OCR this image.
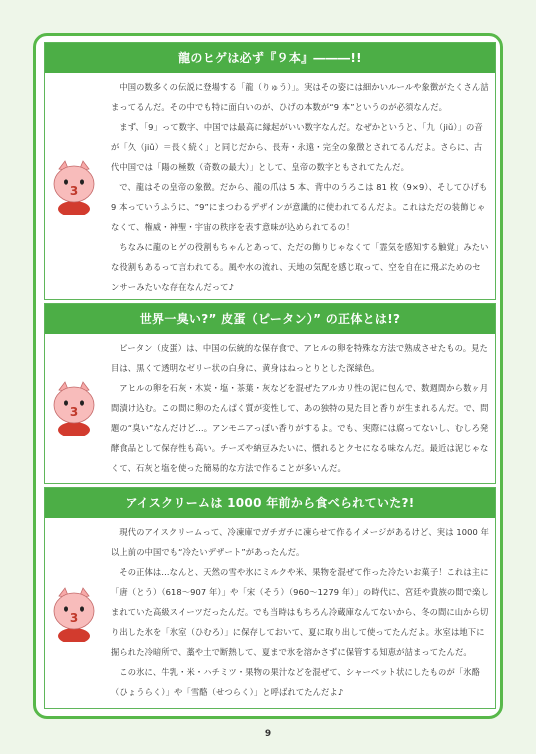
龍のヒゲは必ず『９本』―――!!
3

中国の数多くの伝説に登場する「龍（りゅう）」。実はその姿には細かいルールや象徴がたくさん詰まってるんだ。その中でも特に面白いのが、ひげの本数が“9 本”というのが必須なんだ。

まず、「9」って数字、中国では最高に縁起がいい数字なんだ。なぜかというと、「九（jiǔ）」の音が「久（jiǔ）＝長く続く」と同じだから、長寿・永遠・完全の象徴とされてるんだよ。さらに、古代中国では「陽の極数（奇数の最大）」として、皇帝の数字ともされてたんだ。

で、龍はその皇帝の象徴。だから、龍の爪は 5 本、背中のうろこは 81 枚（9×9）、そしてひげも 9 本っていうふうに、“9”にまつわるデザインが意識的に使われてるんだよ。これはただの装飾じゃなくて、権威・神聖・宇宙の秩序を表す意味が込められてるの！

ちなみに龍のヒゲの役割もちゃんとあって、ただの飾りじゃなくて「霊気を感知する触覚」みたいな役割もあるって言われてる。風や水の流れ、天地の気配を感じ取って、空を自在に飛ぶためのセンサーみたいな存在なんだって♪

世界一臭い?” 皮蛋（ピータン）” の正体とは!?
3

ピータン（皮蛋）は、中国の伝統的な保存食で、アヒルの卵を特殊な方法で熟成させたもの。見た目は、黒くて透明なゼリー状の白身に、黄身はねっとりとした深緑色。

アヒルの卵を石灰・木炭・塩・茶葉・灰などを混ぜたアルカリ性の泥に包んで、数週間から数ヶ月間漬け込む。この間に卵のたんぱく質が変性して、あの独特の見た目と香りが生まれるんだ。で、問題の“臭い”なんだけど…。アンモニアっぽい香りがするよ。でも、実際には腐ってないし、むしろ発酵食品として保存性も高い。チーズや納豆みたいに、慣れるとクセになる味なんだ。最近は泥じゃなくて、石灰と塩を使った簡易的な方法で作ることが多いんだ。

アイスクリームは 1000 年前から食べられていた?!
3

現代のアイスクリームって、冷凍庫でガチガチに凍らせて作るイメージがあるけど、実は 1000 年以上前の中国でも“冷たいデザート”があったんだ。

その正体は…なんと、天然の雪や氷にミルクや米、果物を混ぜて作った冷たいお菓子！これは主に「唐（とう）（618～907 年）」や「宋（そう）（960～1279 年）」の時代に、宮廷や貴族の間で楽しまれていた高級スイーツだったんだ。でも当時はもちろん冷蔵庫なんてないから、冬の間に山から切り出した氷を「氷室（ひむろ）」に保存しておいて、夏に取り出して使ってたんだよ。氷室は地下に掘られた冷暗所で、藁や土で断熱して、夏まで氷を溶かさずに保管する知恵が詰まってたんだ。

この氷に、牛乳・米・ハチミツ・果物の果汁などを混ぜて、シャーベット状にしたものが「氷酪（ひょうらく）」や「雪酪（せつらく）」と呼ばれてたんだよ♪

9
